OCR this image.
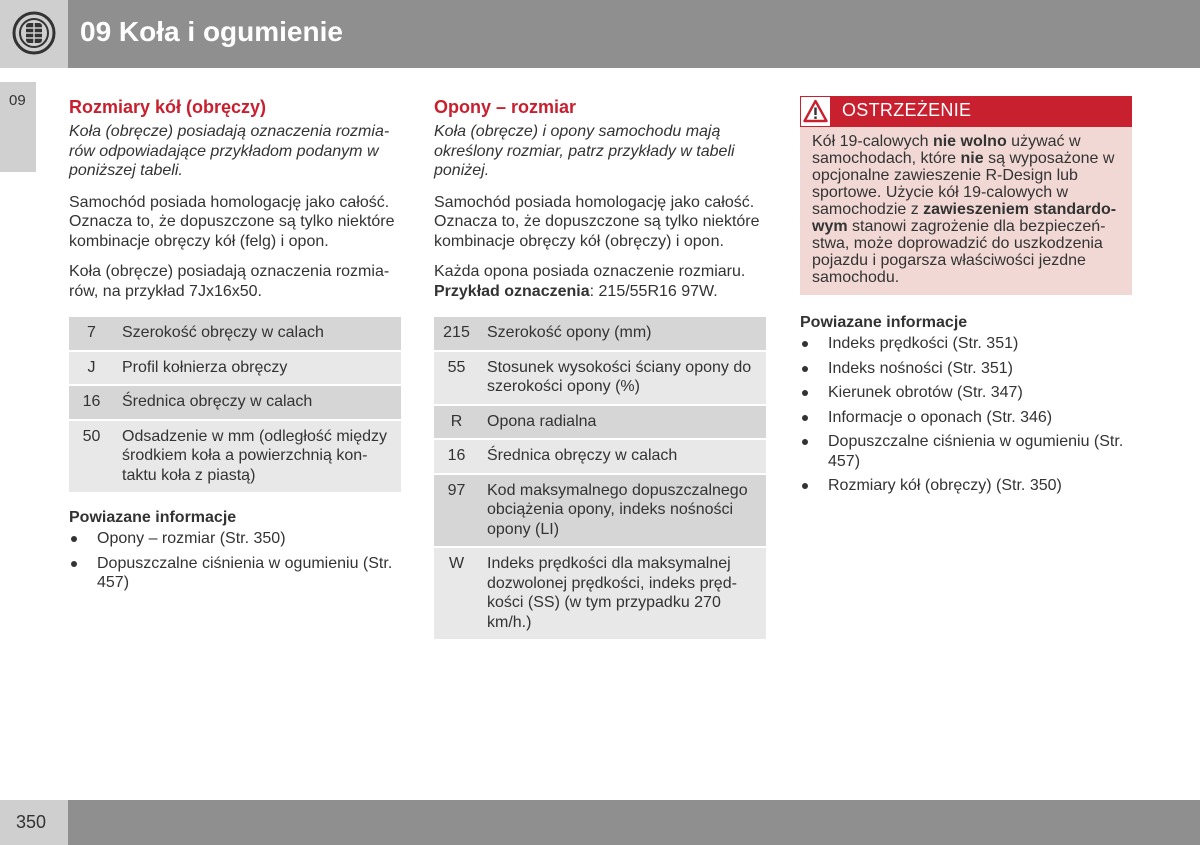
09 Koła i ogumienie
09 Rozmiary kół (obręczy)

Koła (obręcze) posiadają oznaczenia rozmia-rów odpowiadające przykładom podanym w poniższej tabeli.

Samochód posiada homologację jako całość. Oznacza to, że dopuszczone są tylko niektóre kombinacje obręczy kół (felg) i opon.

Koła (obręcze) posiadają oznaczenia rozmia-rów, na przykład 7Jx16x50.

7	Szerokość obręczy w calach
J	Profil kołnierza obręczy
16	Średnica obręczy w calach
50	Odsadzenie w mm (odległość między środkiem koła a powierzchnią kon-taktu koła z piastą)
Powiazane informacje
Opony – rozmiar (Str. 350)
Dopuszczalne ciśnienia w ogumieniu (Str. 457)
Opony – rozmiar

Koła (obręcze) i opony samochodu mają określony rozmiar, patrz przykłady w tabeli poniżej.

Samochód posiada homologację jako całość. Oznacza to, że dopuszczone są tylko niektóre kombinacje obręczy kół (obręczy) i opon.

Każda opona posiada oznaczenie rozmiaru.
Przykład oznaczenia: 215/55R16 97W.

215	Szerokość opony (mm)
55	Stosunek wysokości ściany opony do szerokości opony (%)
R	Opona radialna
16	Średnica obręczy w calach
97	Kod maksymalnego dopuszczalnego obciążenia opony, indeks nośności opony (LI)
W	Indeks prędkości dla maksymalnej dozwolonej prędkości, indeks pręd-kości (SS) (w tym przypadku 270 km/h.)
OSTRZEŻENIE
Kół 19-calowych nie wolno używać w samochodach, które nie są wyposażone w opcjonalne zawieszenie R-Design lub sportowe. Użycie kół 19-calowych w samochodzie z zawieszeniem standardo-wym stanowi zagrożenie dla bezpieczeń-stwa, może doprowadzić do uszkodzenia pojazdu i pogarsza właściwości jezdne samochodu.
Powiazane informacje
Indeks prędkości (Str. 351)
Indeks nośności (Str. 351)
Kierunek obrotów (Str. 347)
Informacje o oponach (Str. 346)
Dopuszczalne ciśnienia w ogumieniu (Str. 457)
Rozmiary kół (obręczy) (Str. 350)
350
